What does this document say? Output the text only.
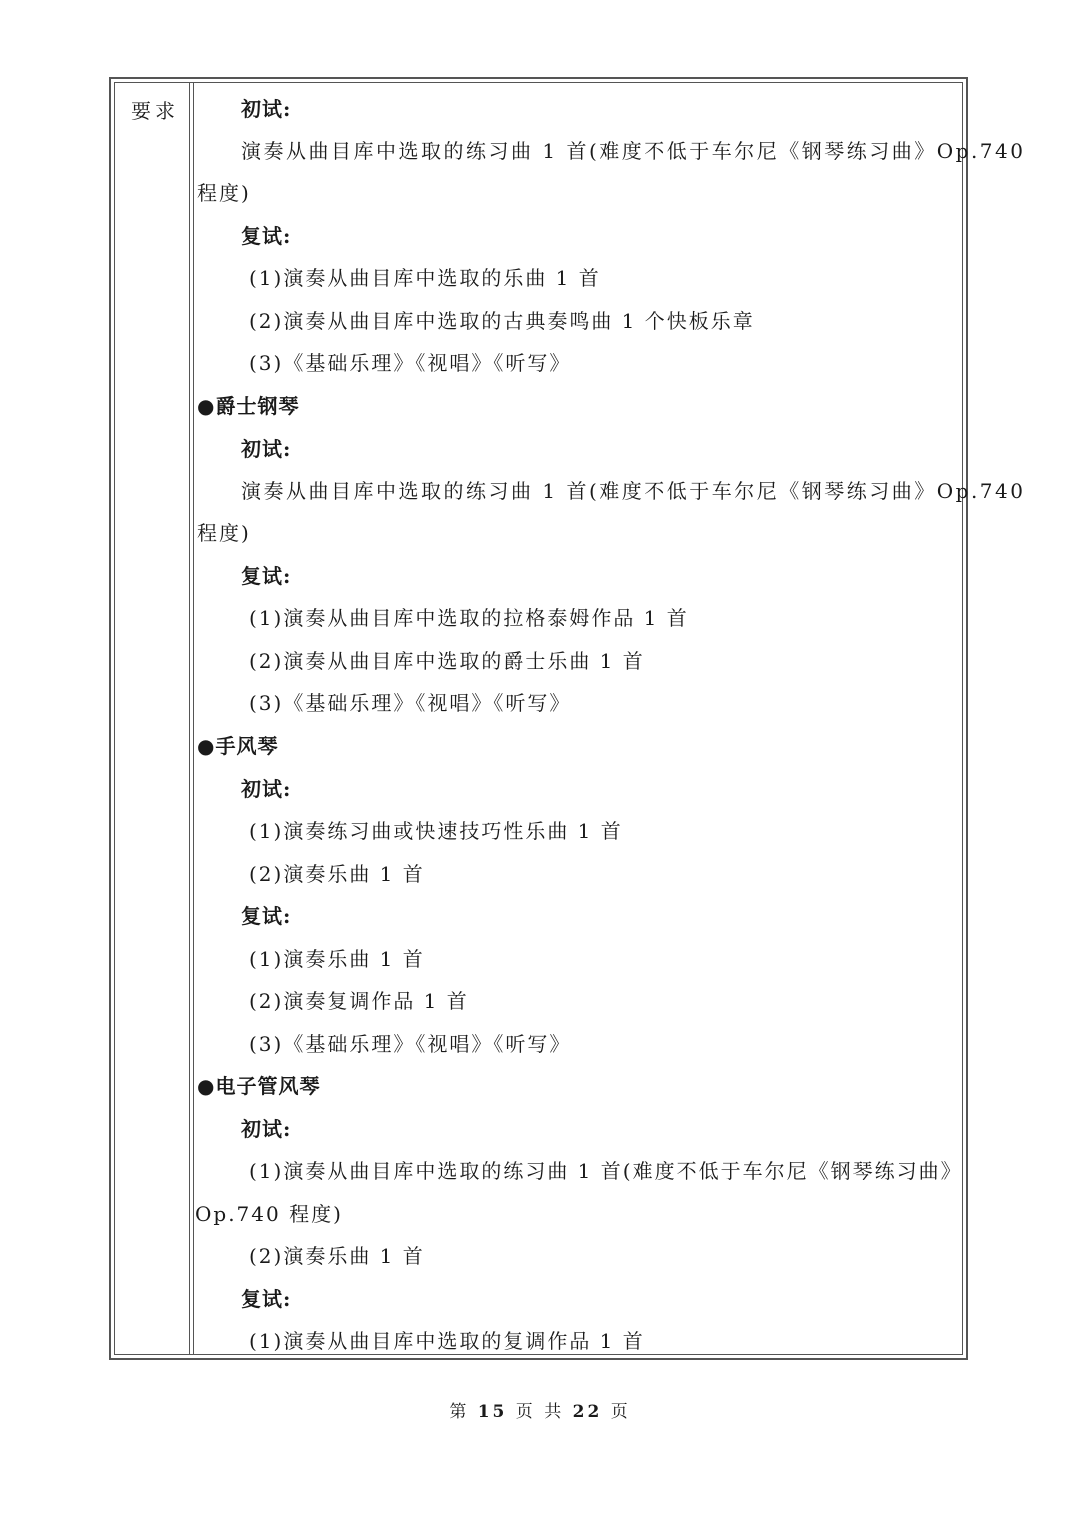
要求	初试:
演奏从曲目库中选取的练习曲 1 首(难度不低于车尔尼《钢琴练习曲》Op.740
程度)
复试:
(1)演奏从曲目库中选取的乐曲 1 首
(2)演奏从曲目库中选取的古典奏鸣曲 1 个快板乐章
(3)《基础乐理》《视唱》《听写》
●爵士钢琴
初试:
演奏从曲目库中选取的练习曲 1 首(难度不低于车尔尼《钢琴练习曲》Op.740
程度)
复试:
(1)演奏从曲目库中选取的拉格泰姆作品 1 首
(2)演奏从曲目库中选取的爵士乐曲 1 首
(3)《基础乐理》《视唱》《听写》
●手风琴
初试:
(1)演奏练习曲或快速技巧性乐曲 1 首
(2)演奏乐曲 1 首
复试:
(1)演奏乐曲 1 首
(2)演奏复调作品 1 首
(3)《基础乐理》《视唱》《听写》
●电子管风琴
初试:
(1)演奏从曲目库中选取的练习曲 1 首(难度不低于车尔尼《钢琴练习曲》
Op.740 程度)
(2)演奏乐曲 1 首
复试:
(1)演奏从曲目库中选取的复调作品 1 首
第 15 页 共 22 页
